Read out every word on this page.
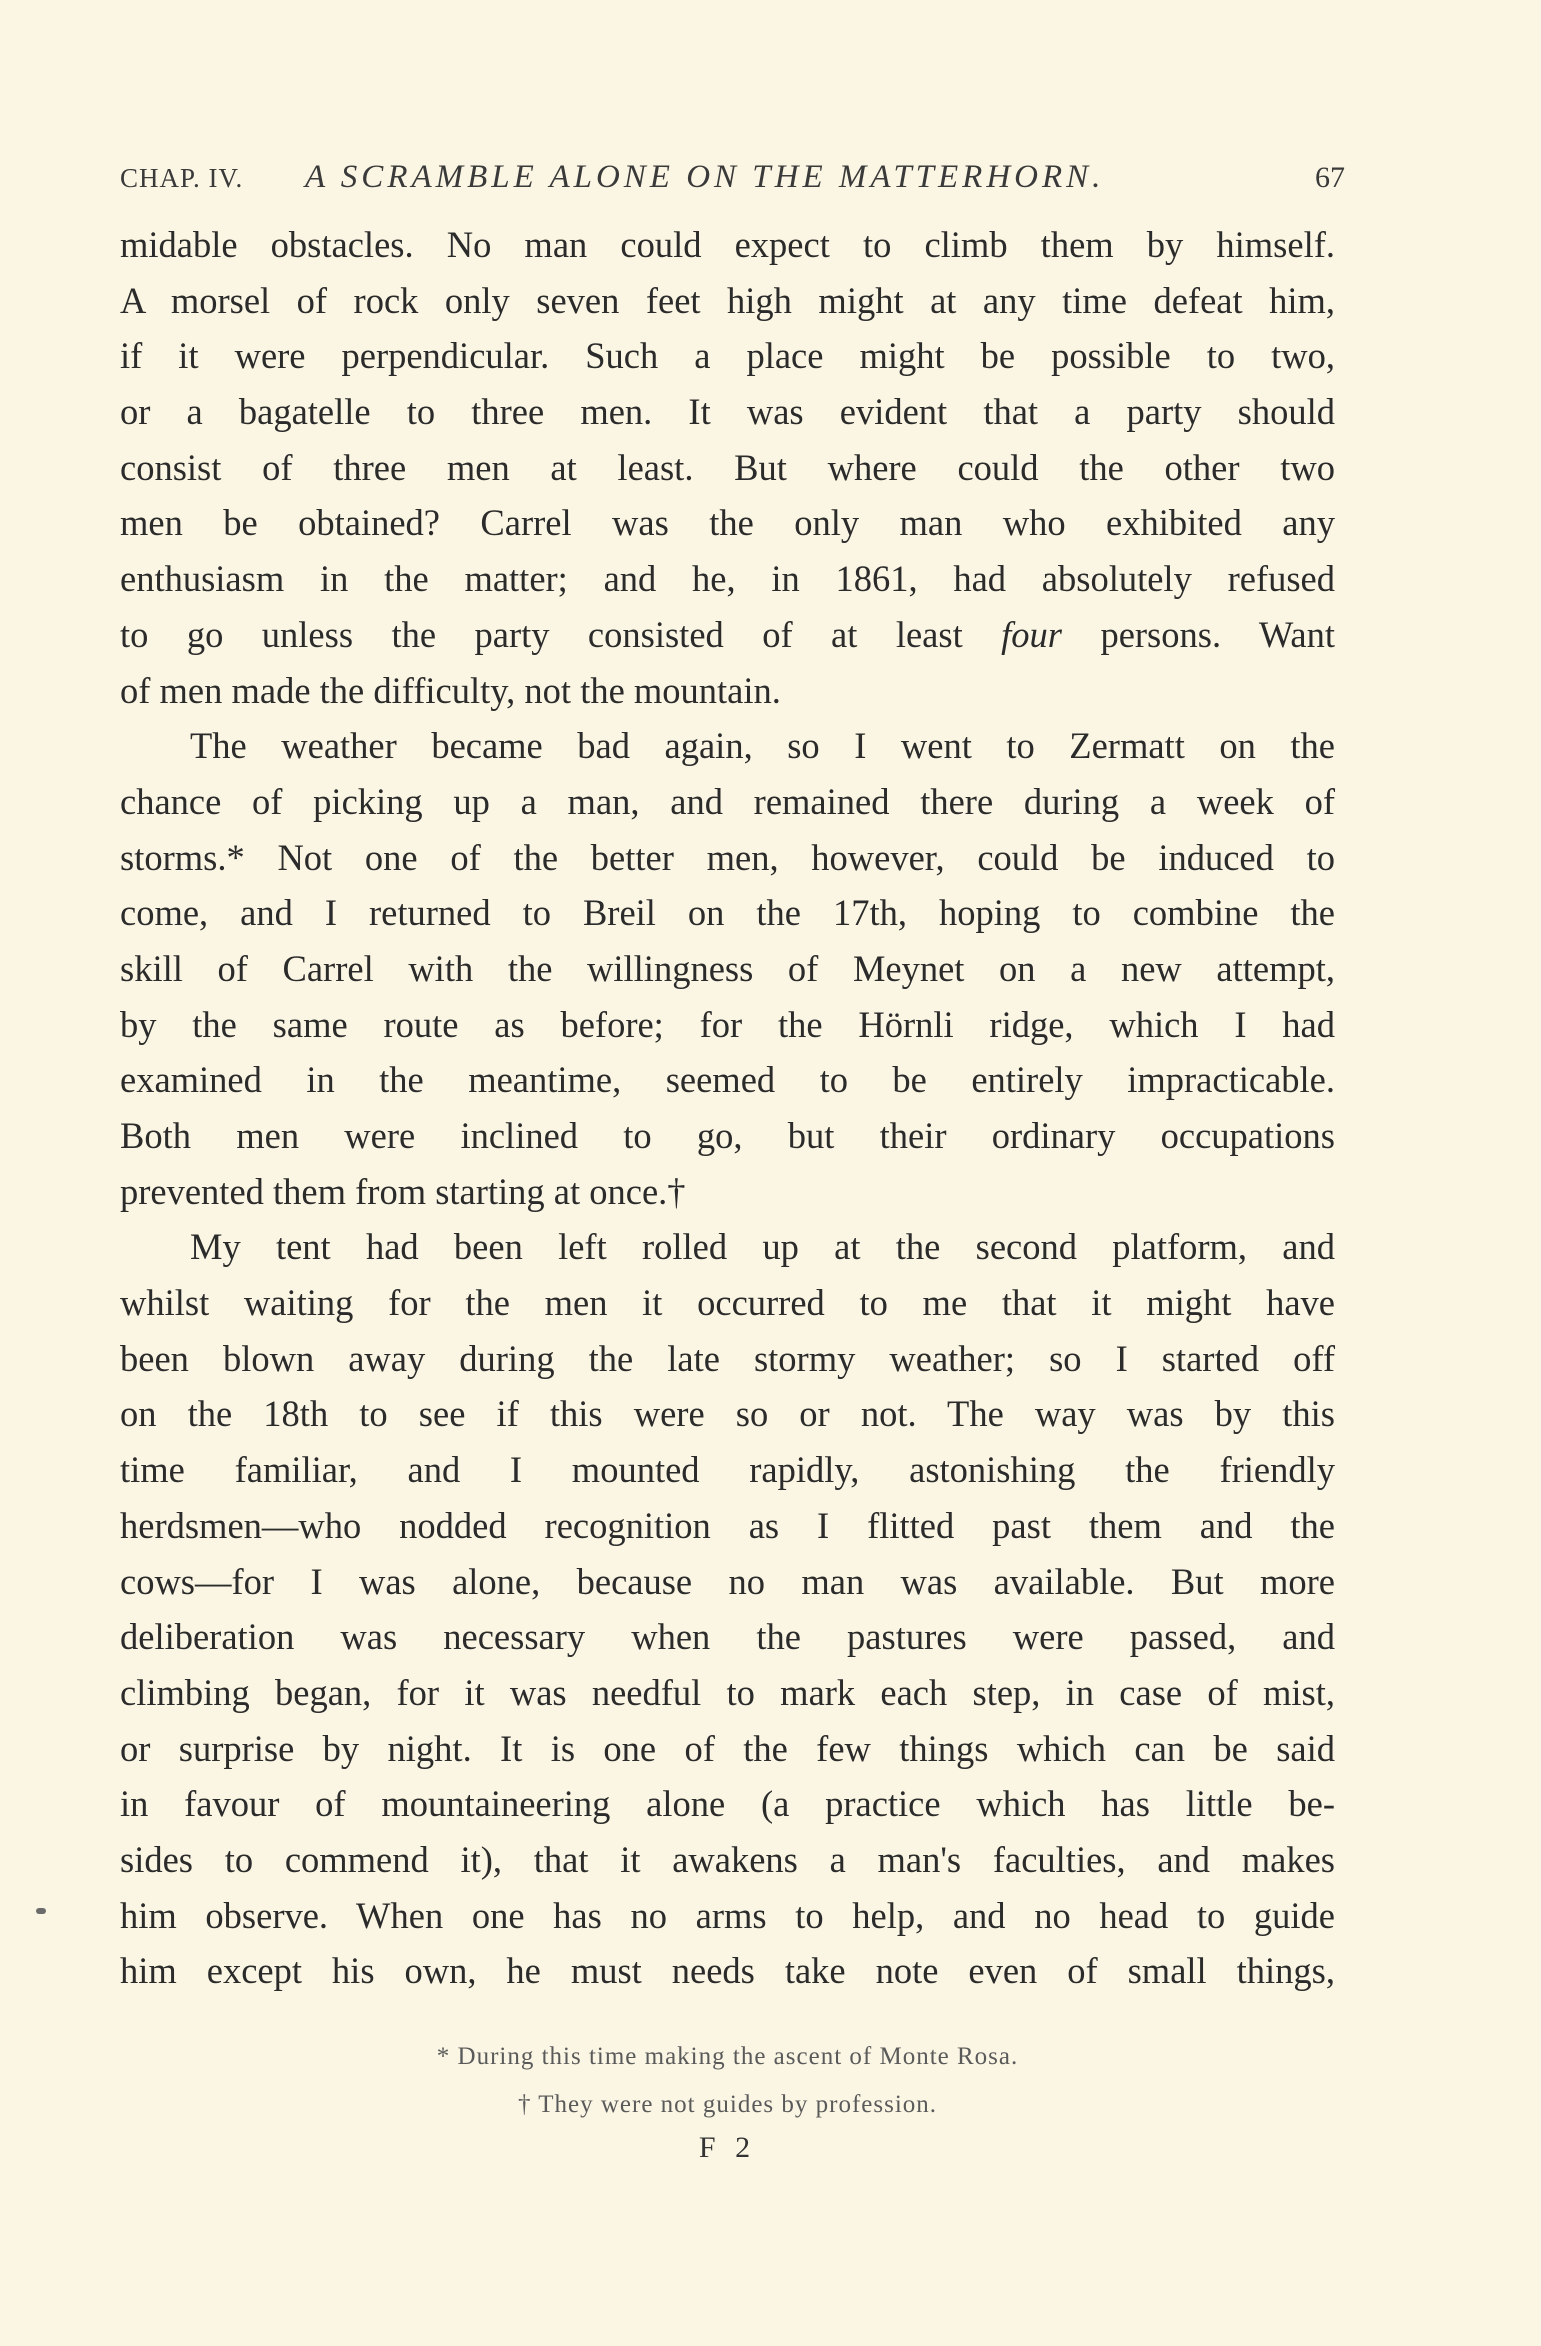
CHAP. IV. A SCRAMBLE ALONE ON THE MATTERHORN.	67
midable obstacles. No man could expect to climb them by himself.
A morsel of rock only seven feet high might at any time defeat him,
if it were perpendicular. Such a place might be possible to two,
or a bagatelle to three men. It was evident that a party should
consist of three men at least. But where could the other two
men be obtained? Carrel was the only man who exhibited any
enthusiasm in the matter; and he, in 1861, had absolutely refused
to go unless the party consisted of at least four persons. Want
of men made the difficulty, not the mountain.
The weather became bad again, so I went to Zermatt on the
chance of picking up a man, and remained there during a week of
storms.* Not one of the better men, however, could be induced to
come, and I returned to Breil on the 17th, hoping to combine the
skill of Carrel with the willingness of Meynet on a new attempt,
by the same route as before; for the Hörnli ridge, which I had
examined in the meantime, seemed to be entirely impracticable.
Both men were inclined to go, but their ordinary occupations
prevented them from starting at once.†
My tent had been left rolled up at the second platform, and
whilst waiting for the men it occurred to me that it might have
been blown away during the late stormy weather; so I started off
on the 18th to see if this were so or not. The way was by this
time familiar, and I mounted rapidly, astonishing the friendly
herdsmen—who nodded recognition as I flitted past them and the
cows—for I was alone, because no man was available. But more
deliberation was necessary when the pastures were passed, and
climbing began, for it was needful to mark each step, in case of mist,
or surprise by night. It is one of the few things which can be said
in favour of mountaineering alone (a practice which has little be-
sides to commend it), that it awakens a man's faculties, and makes
him observe. When one has no arms to help, and no head to guide
him except his own, he must needs take note even of small things,
* During this time making the ascent of Monte Rosa.
† They were not guides by profession.
F 2
